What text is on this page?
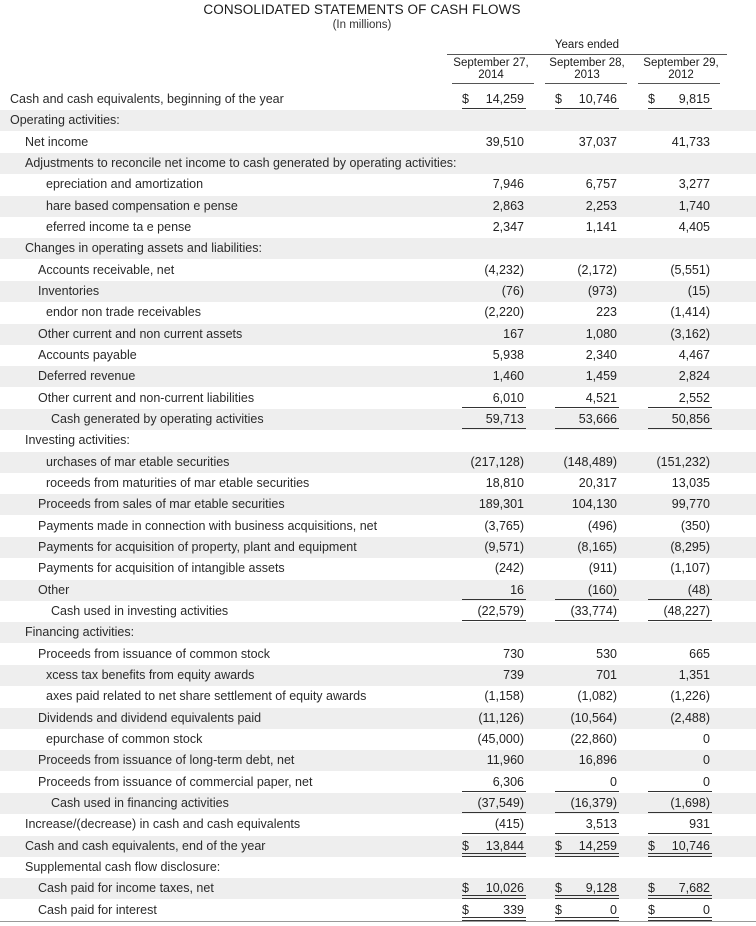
CONSOLIDATED STATEMENTS OF CASH FLOWS
(In millions)
Years ended
September 27,
2014
September 28,
2013
September 29,
2012
Cash and cash equivalents, beginning of the year	$ 14,259 $ 10,746 $ 9,815
Operating activities:
Net income	39,510	37,037	41,733
Adjustments to reconcile net income to cash generated by operating activities:
epreciation and amortization	7,946	6,757	3,277
hare based compensation e pense	2,863	2,253	1,740
eferred income ta e pense	2,347	1,141	4,405
Changes in operating assets and liabilities:
Accounts receivable, net	(4,232)	(2,172)	(5,551)
Inventories	(76)	(973)	(15)
endor non trade receivables	(2,220)	223	(1,414)
Other current and non current assets	167	1,080	(3,162)
Accounts payable	5,938	2,340	4,467
Deferred revenue	1,460	1,459	2,824
Other current and non-current liabilities	6,010	4,521	2,552
Cash generated by operating activities	59,713	53,666	50,856
Investing activities:
urchases of mar etable securities	(217,128)	(148,489)	(151,232)
roceeds from maturities of mar etable securities	18,810	20,317	13,035
Proceeds from sales of mar etable securities	189,301	104,130	99,770
Payments made in connection with business acquisitions, net	(3,765)	(496)	(350)
Payments for acquisition of property, plant and equipment	(9,571)	(8,165)	(8,295)
Payments for acquisition of intangible assets	(242)	(911)	(1,107)
Other	16	(160)	(48)
Cash used in investing activities	(22,579)	(33,774)	(48,227)
Financing activities:
Proceeds from issuance of common stock	730	530	665
xcess tax benefits from equity awards	739	701	1,351
axes paid related to net share settlement of equity awards	(1,158)	(1,082)	(1,226)
Dividends and dividend equivalents paid	(11,126)	(10,564)	(2,488)
epurchase of common stock	(45,000)	(22,860)	0
Proceeds from issuance of long-term debt, net	11,960	16,896	0
Proceeds from issuance of commercial paper, net	6,306	0	0
Cash used in financing activities	(37,549)	(16,379)	(1,698)
Increase/(decrease) in cash and cash equivalents	(415)	3,513	931
Cash and cash equivalents, end of the year	$ 13,844 $ 14,259 $ 10,746
Supplemental cash flow disclosure:
Cash paid for income taxes, net	$ 10,026 $ 9,128 $ 7,682
Cash paid for interest	$	339 $	0 $	0
